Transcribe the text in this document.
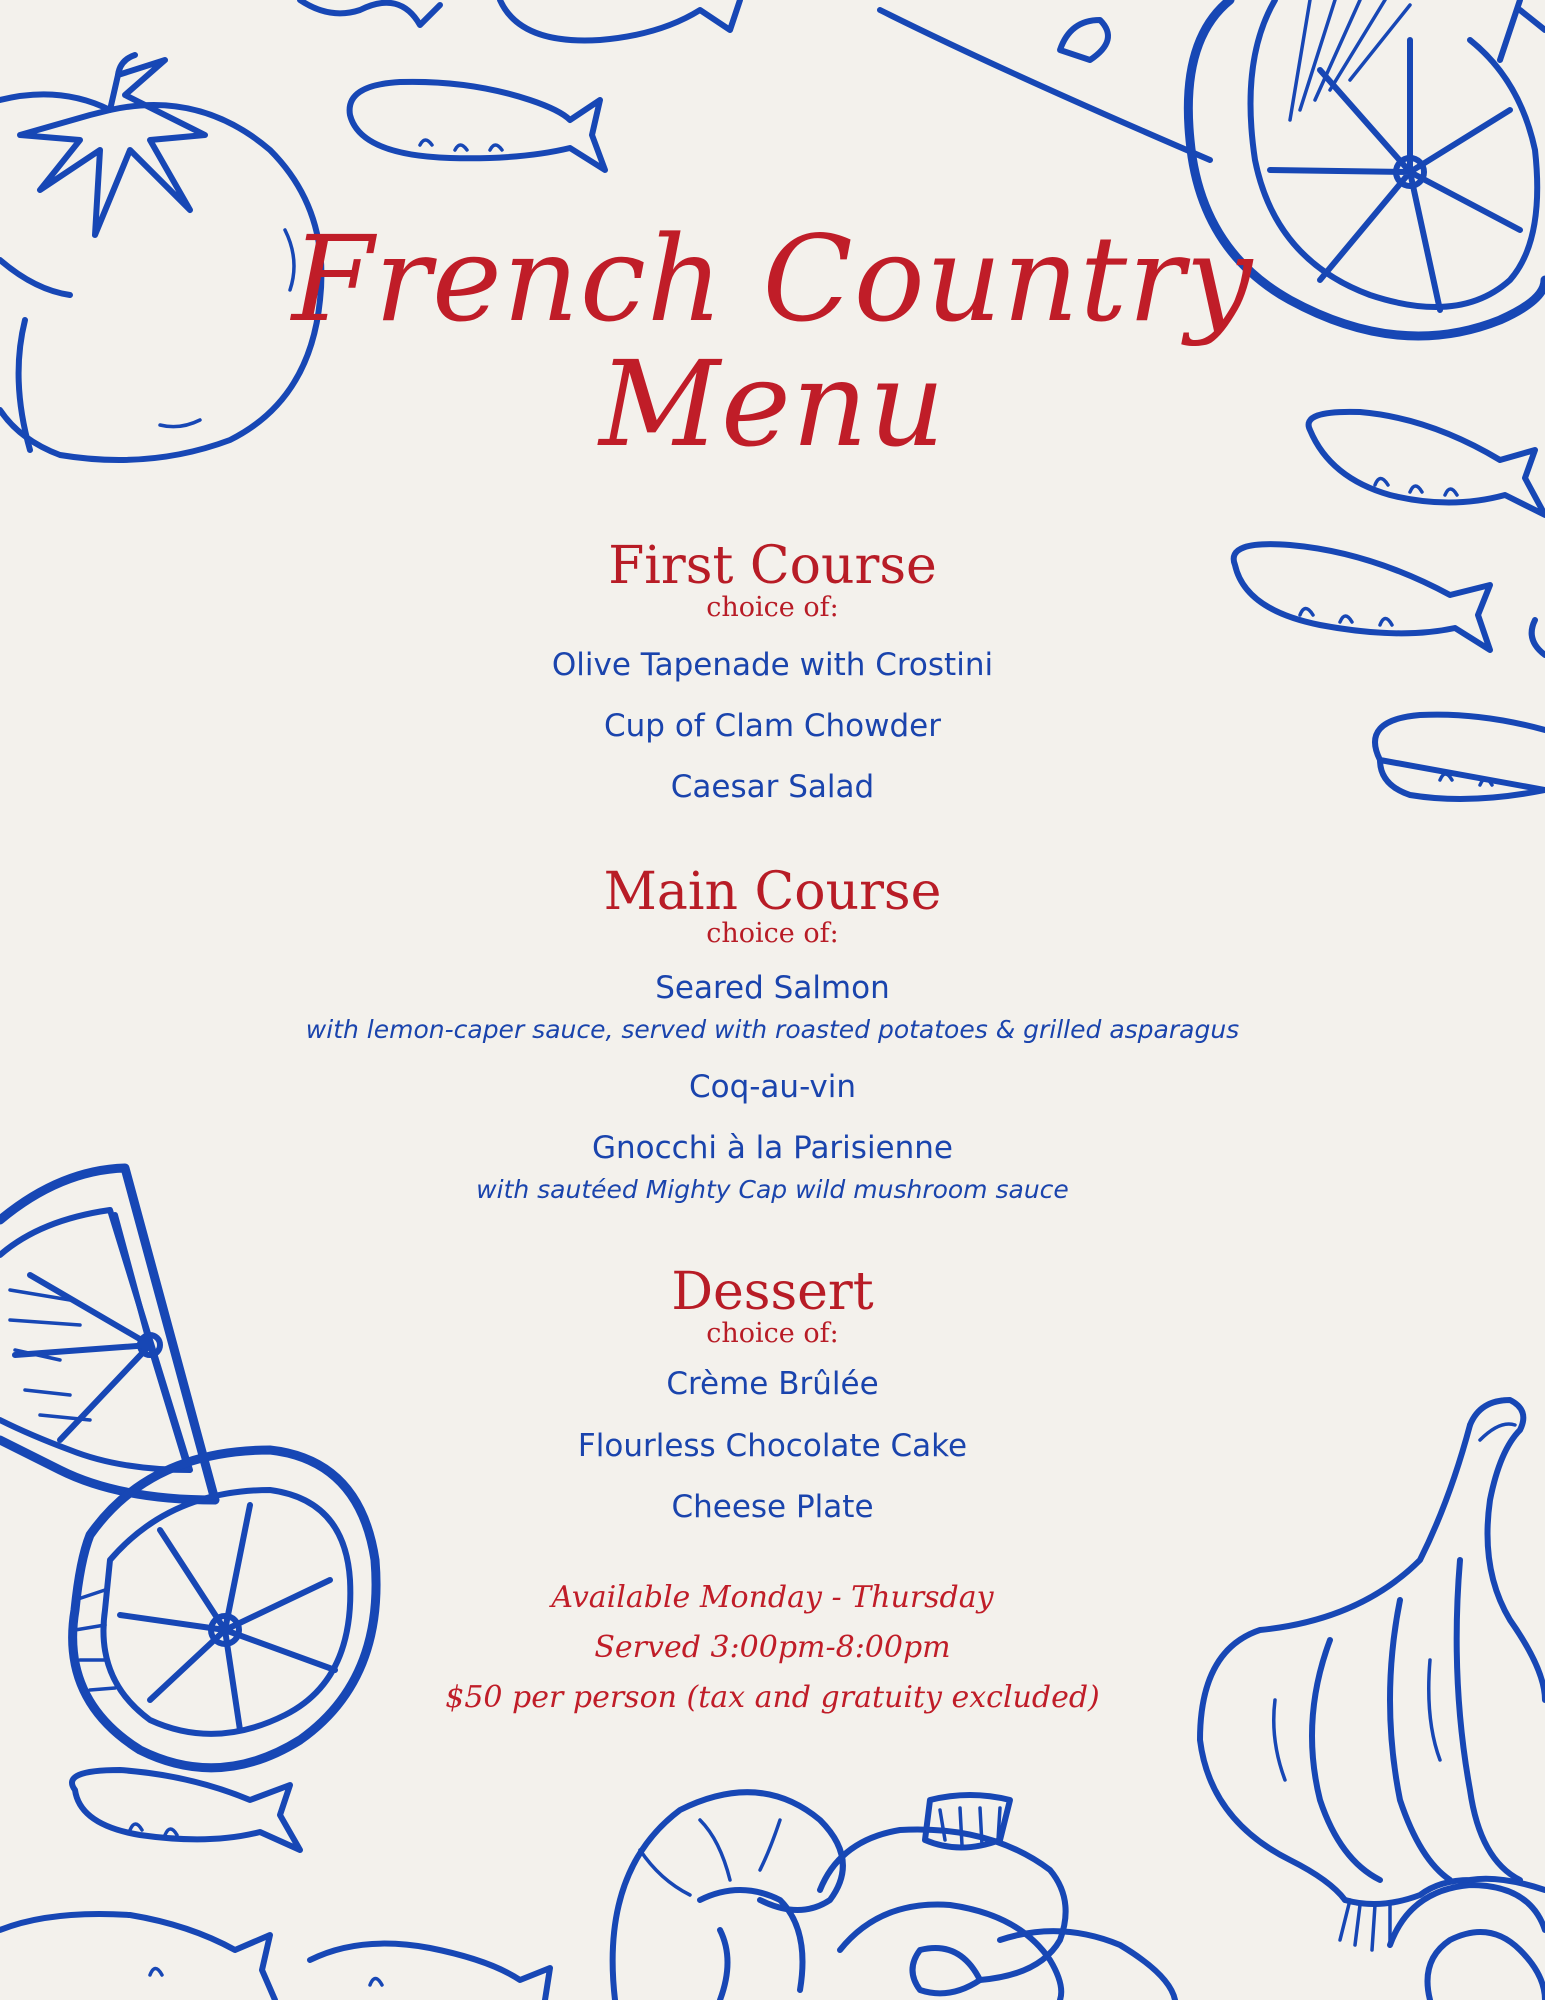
French Country
Menu
First Course
choice of:
Olive Tapenade with Crostini
Cup of Clam Chowder
Caesar Salad
Main Course
choice of:
Seared Salmon
with lemon-caper sauce, served with roasted potatoes & grilled asparagus
Coq-au-vin
Gnocchi à la Parisienne
with sautéed Mighty Cap wild mushroom sauce
Dessert
choice of:
Crème Brûlée
Flourless Chocolate Cake
Cheese Plate
Available Monday - Thursday
Served 3:00pm-8:00pm
$50 per person (tax and gratuity excluded)
